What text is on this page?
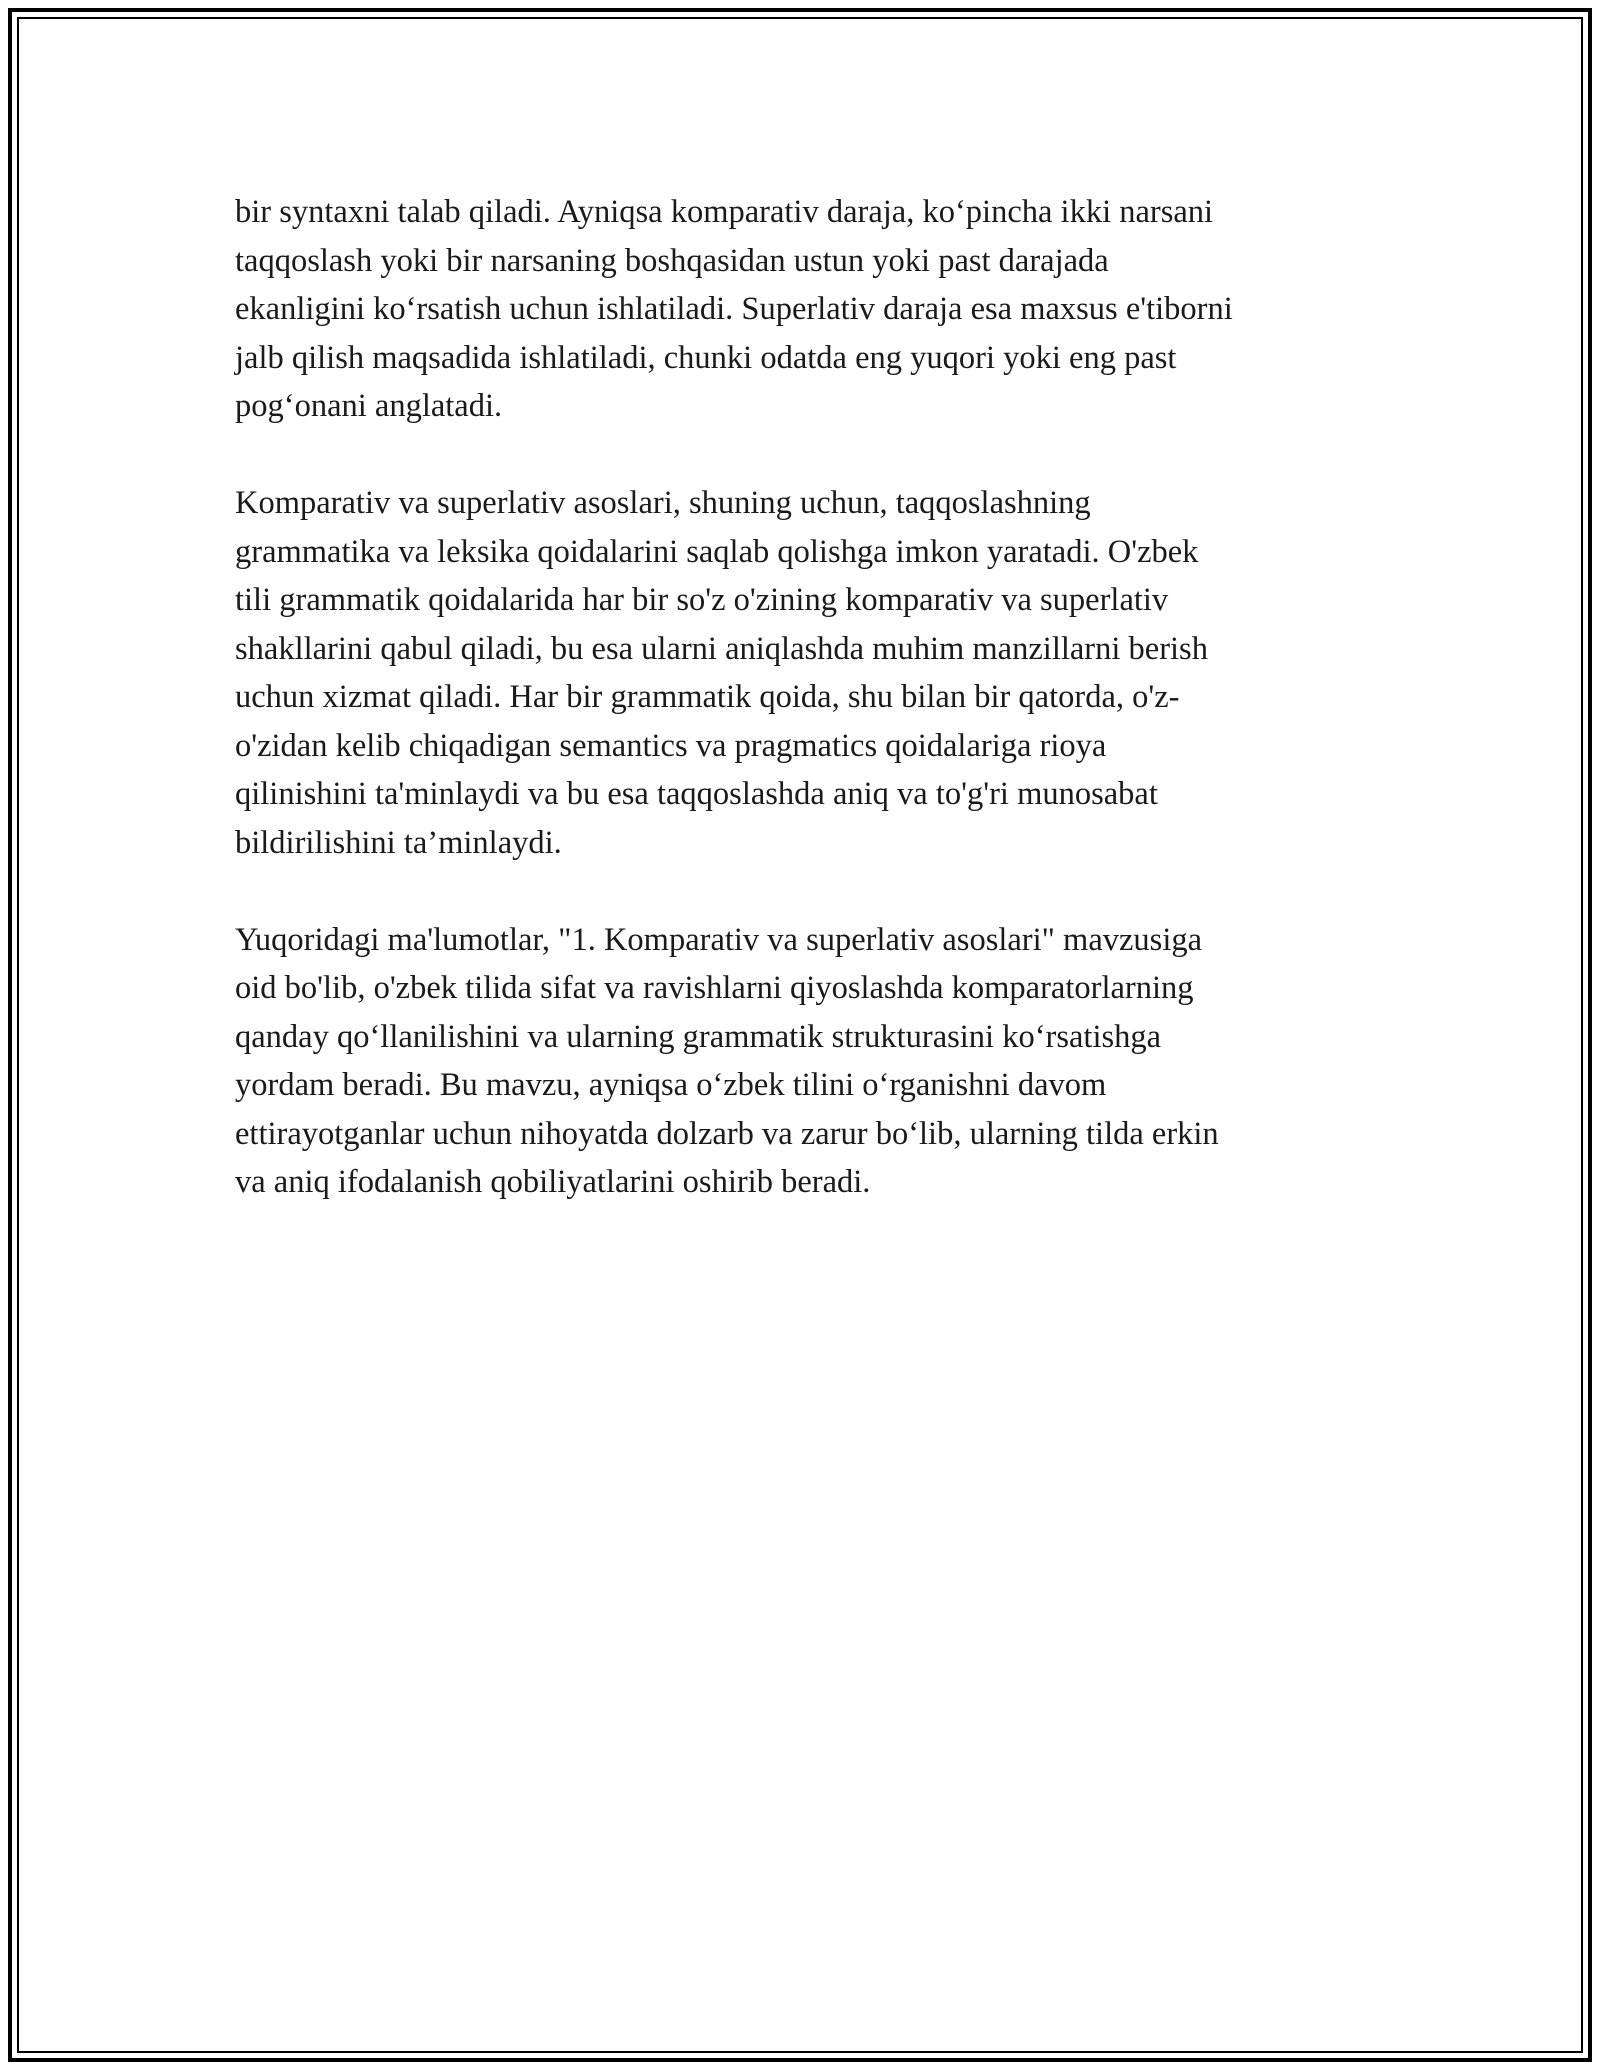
bir syntaxni talab qiladi. Ayniqsa komparativ daraja, ko‘pincha ikki narsani
taqqoslash yoki bir narsaning boshqasidan ustun yoki past darajada
ekanligini ko‘rsatish uchun ishlatiladi. Superlativ daraja esa maxsus e'tiborni
jalb qilish maqsadida ishlatiladi, chunki odatda eng yuqori yoki eng past
pog‘onani anglatadi.

Komparativ va superlativ asoslari, shuning uchun, taqqoslashning
grammatika va leksika qoidalarini saqlab qolishga imkon yaratadi. O'zbek
tili grammatik qoidalarida har bir so'z o'zining komparativ va superlativ
shakllarini qabul qiladi, bu esa ularni aniqlashda muhim manzillarni berish
uchun xizmat qiladi. Har bir grammatik qoida, shu bilan bir qatorda, o'z-
o'zidan kelib chiqadigan semantics va pragmatics qoidalariga rioya
qilinishini ta'minlaydi va bu esa taqqoslashda aniq va to'g'ri munosabat
bildirilishini ta’minlaydi.

Yuqoridagi ma'lumotlar, "1. Komparativ va superlativ asoslari" mavzusiga
oid bo'lib, o'zbek tilida sifat va ravishlarni qiyoslashda komparatorlarning
qanday qo‘llanilishini va ularning grammatik strukturasini ko‘rsatishga
yordam beradi. Bu mavzu, ayniqsa o‘zbek tilini o‘rganishni davom
ettirayotganlar uchun nihoyatda dolzarb va zarur bo‘lib, ularning tilda erkin
va aniq ifodalanish qobiliyatlarini oshirib beradi.
